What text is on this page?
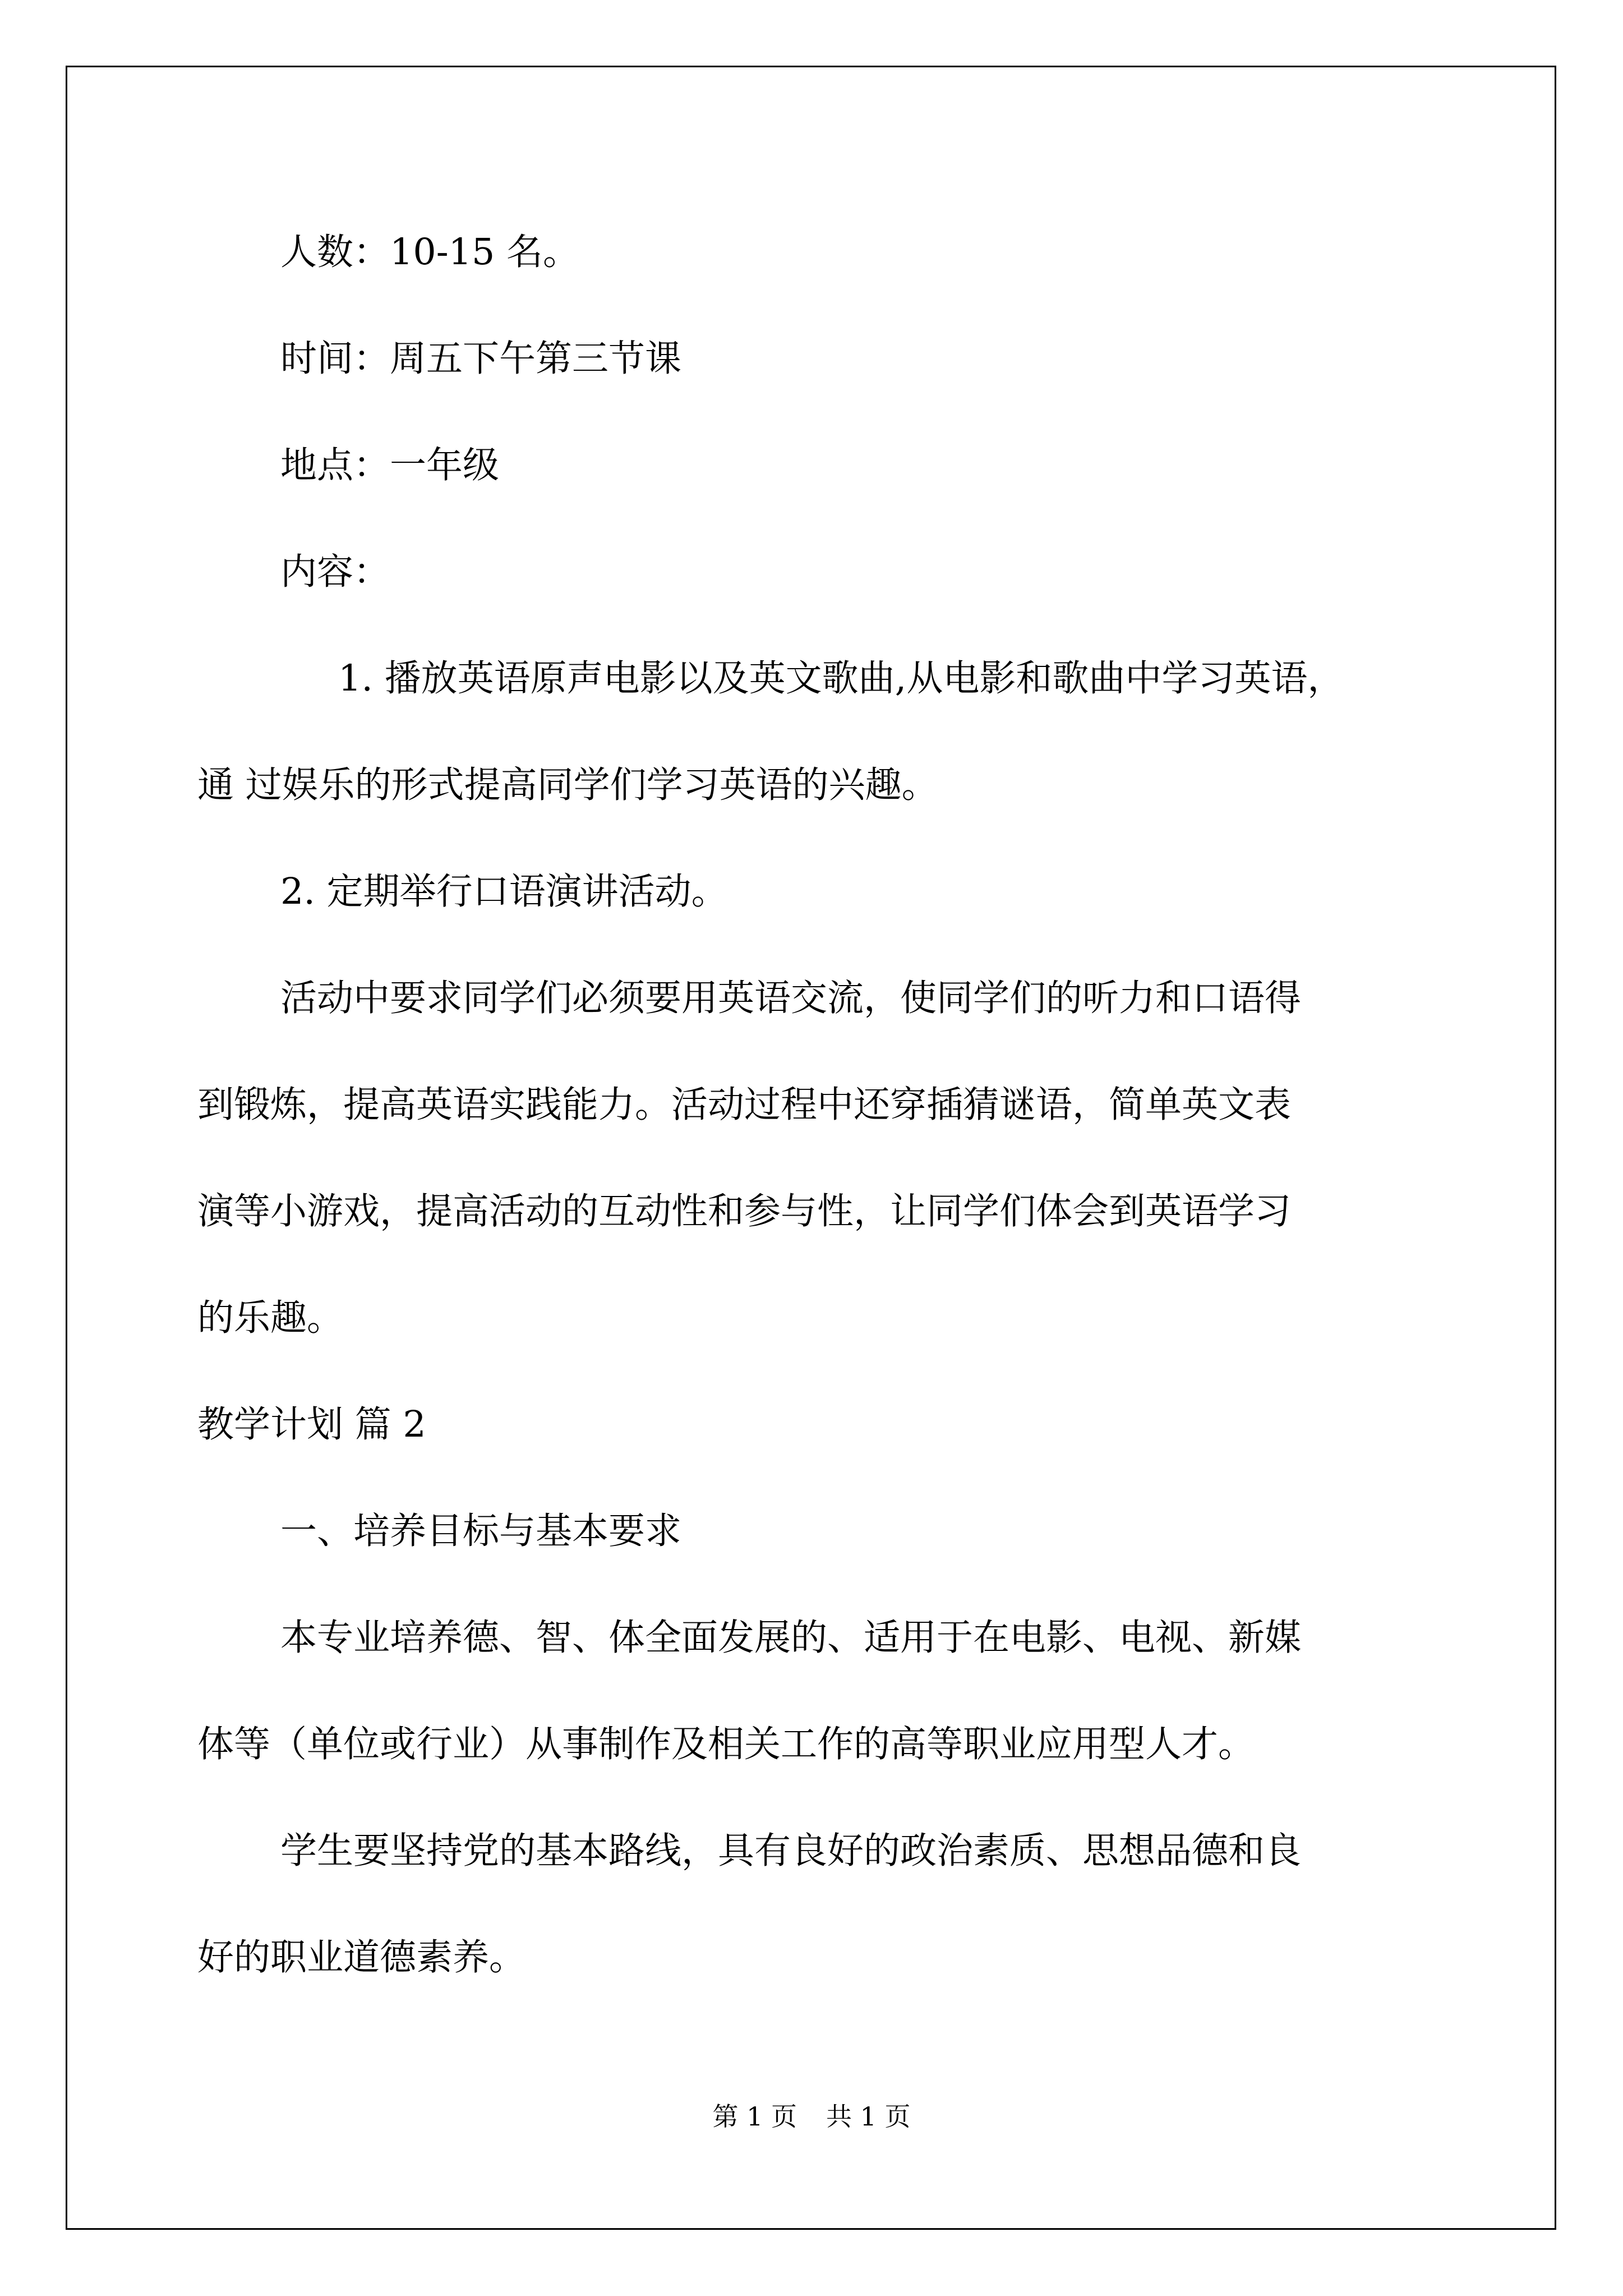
人数：10-15 名。

时间：周五下午第三节课

地点：一年级

内容：

1. 播放英语原声电影以及英文歌曲,从电影和歌曲中学习英语，

通 过娱乐的形式提高同学们学习英语的兴趣。

2. 定期举行口语演讲活动。

活动中要求同学们必须要用英语交流，使同学们的听力和口语得

到锻炼，提高英语实践能力。活动过程中还穿插猜谜语，简单英文表

演等小游戏，提高活动的互动性和参与性，让同学们体会到英语学习

的乐趣。

教学计划 篇 2

一、培养目标与基本要求

本专业培养德、智、体全面发展的、适用于在电影、电视、新媒

体等（单位或行业）从事制作及相关工作的高等职业应用型人才。

学生要坚持党的基本路线，具有良好的政治素质、思想品德和良

好的职业道德素养。

第 1 页 共 1 页
